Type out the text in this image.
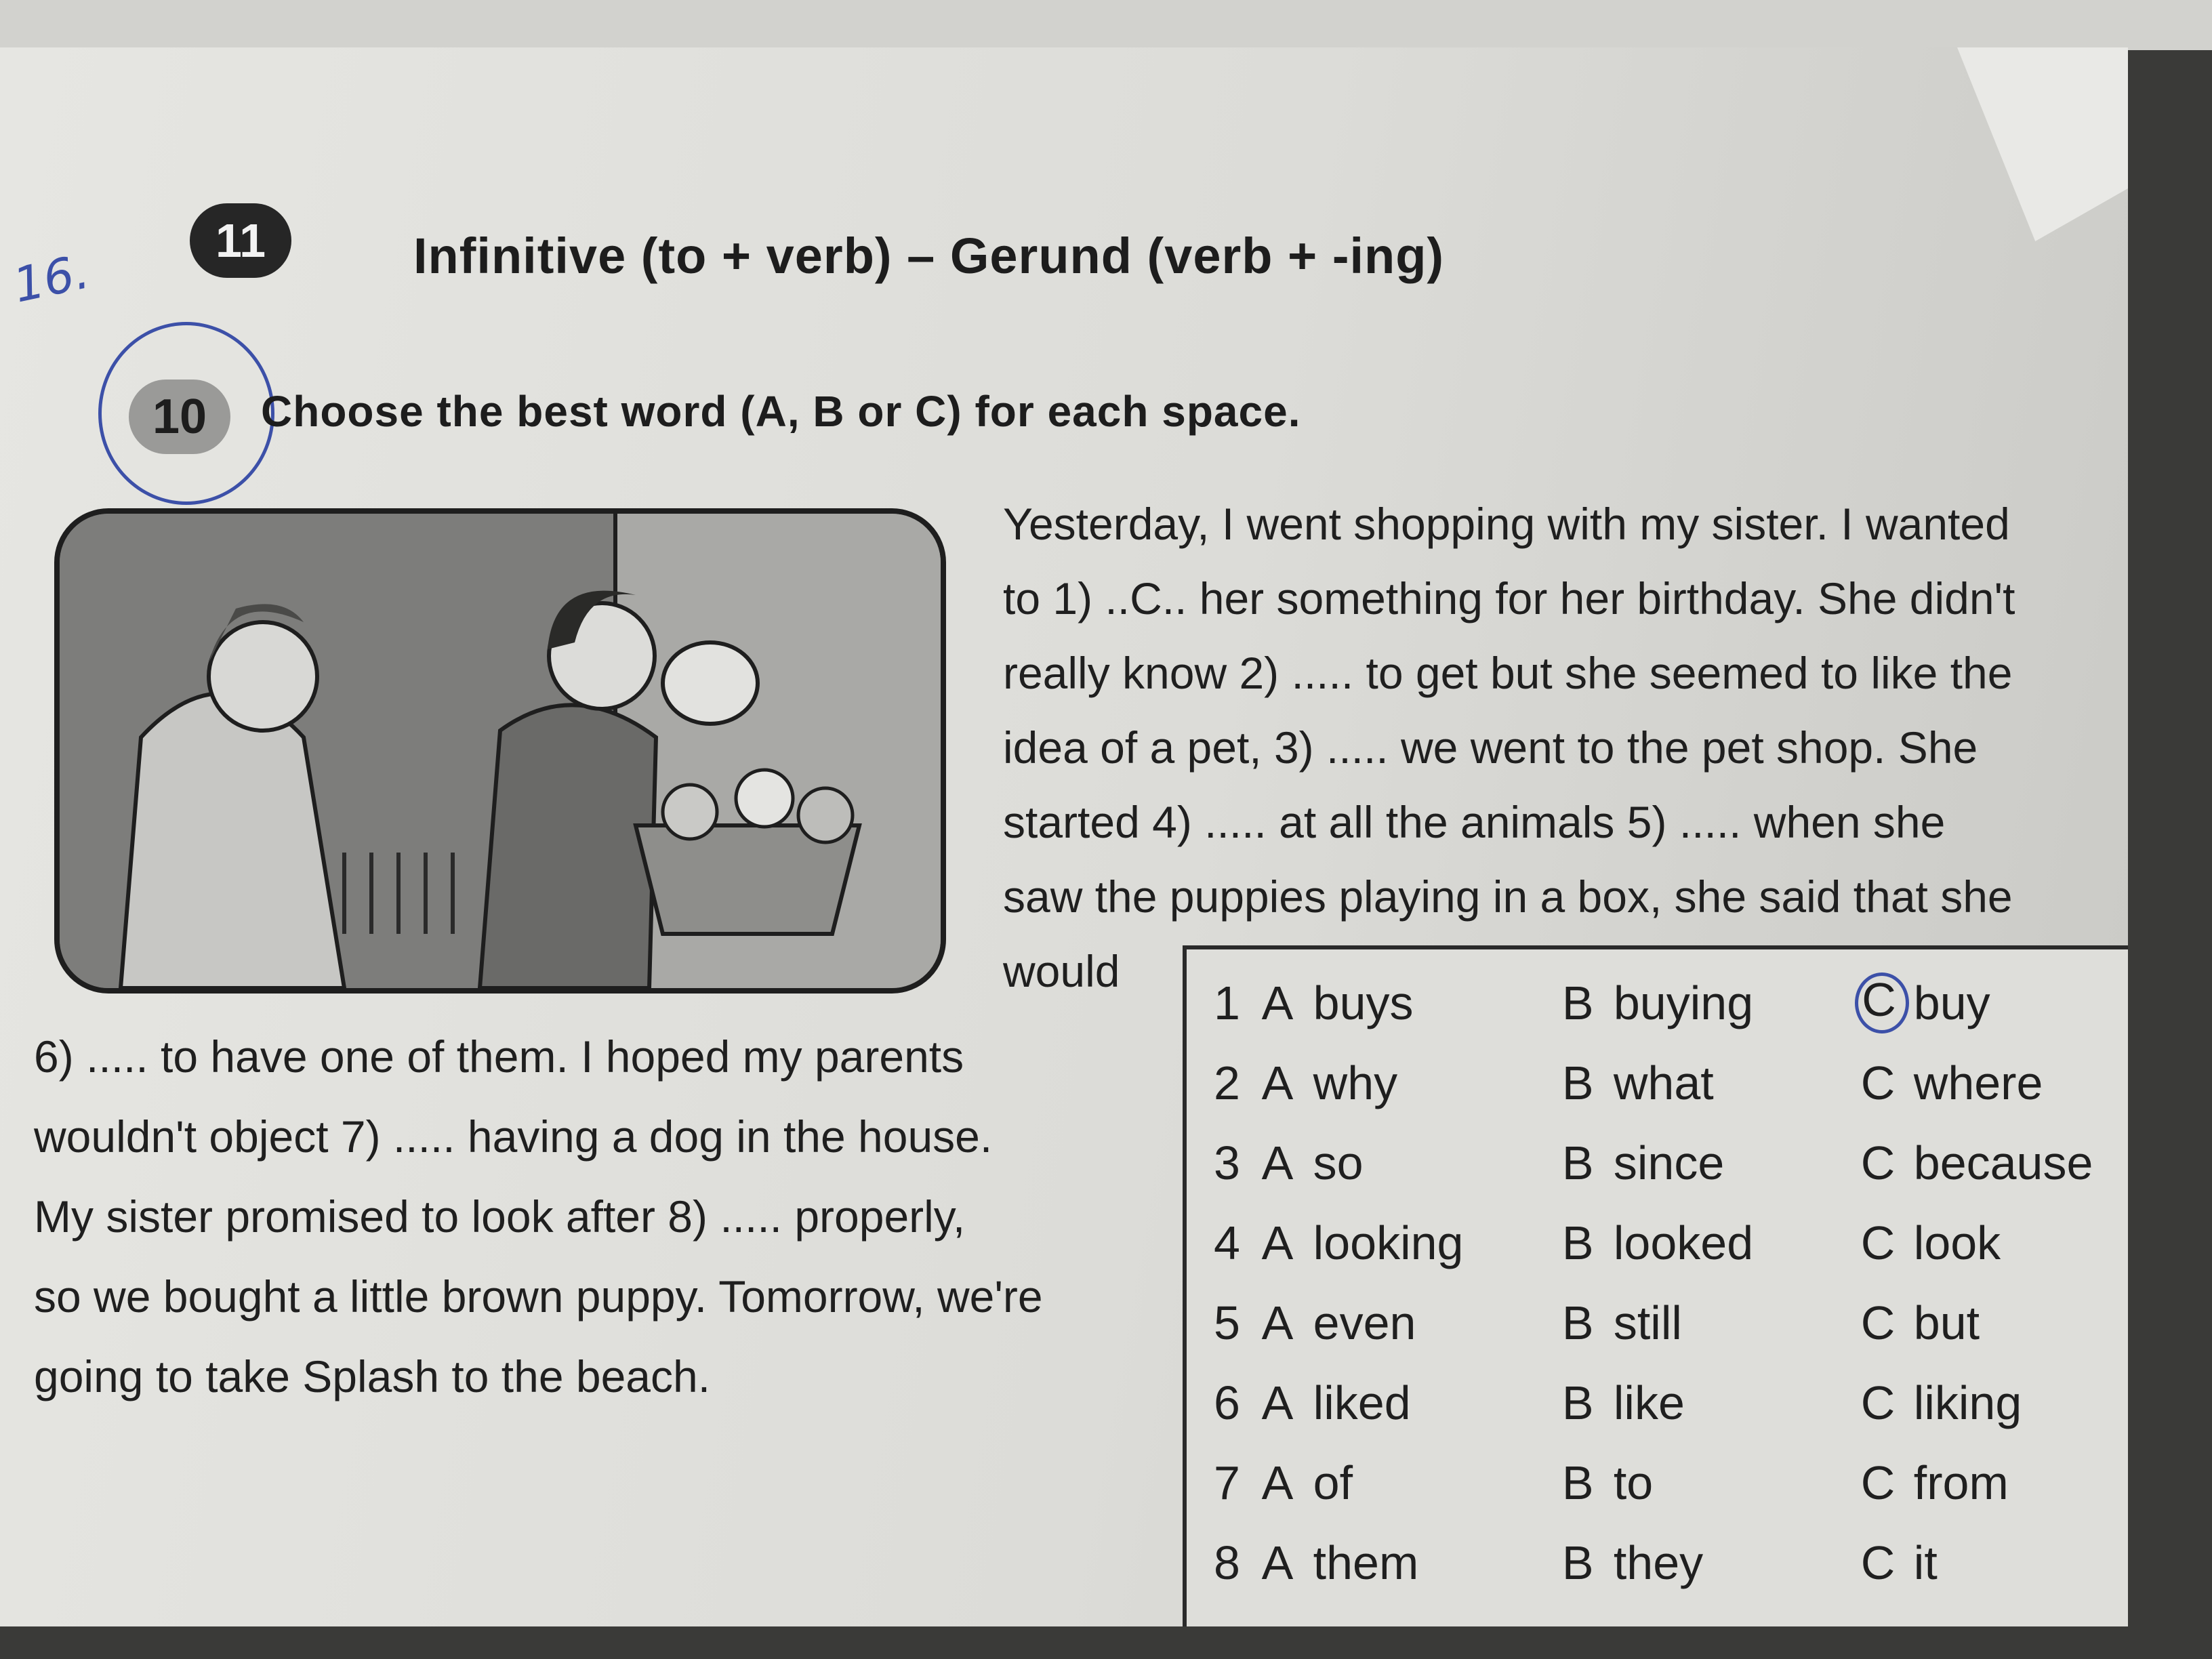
16.
11	Infinitive (to + verb) – Gerund (verb + -ing)
10	Choose the best word (A, B or C) for each space.
Yesterday, I went shopping with my sister. I wanted
to 1) ..C.. her something for her birthday. She didn't
really know 2) ..... to get but she seemed to like the
idea of a pet, 3) ..... we went to the pet shop. She
started 4) ..... at all the animals 5) ..... when she
saw the puppies playing in a box, she said that she
would
6) ..... to have one of them. I hoped my parents
wouldn't object 7) ..... having a dog in the house.
My sister promised to look after 8) ..... properly,
so we bought a little brown puppy. Tomorrow, we're
going to take Splash to the beach.
1	A	buys	B	buying	C	buy
2	A	why	B	what	C	where
3	A	so	B	since	C	because
4	A	looking	B	looked	C	look
5	A	even	B	still	C	but
6	A	liked	B	like	C	liking
7	A	of	B	to	C	from
8	A	them	B	they	C	it
